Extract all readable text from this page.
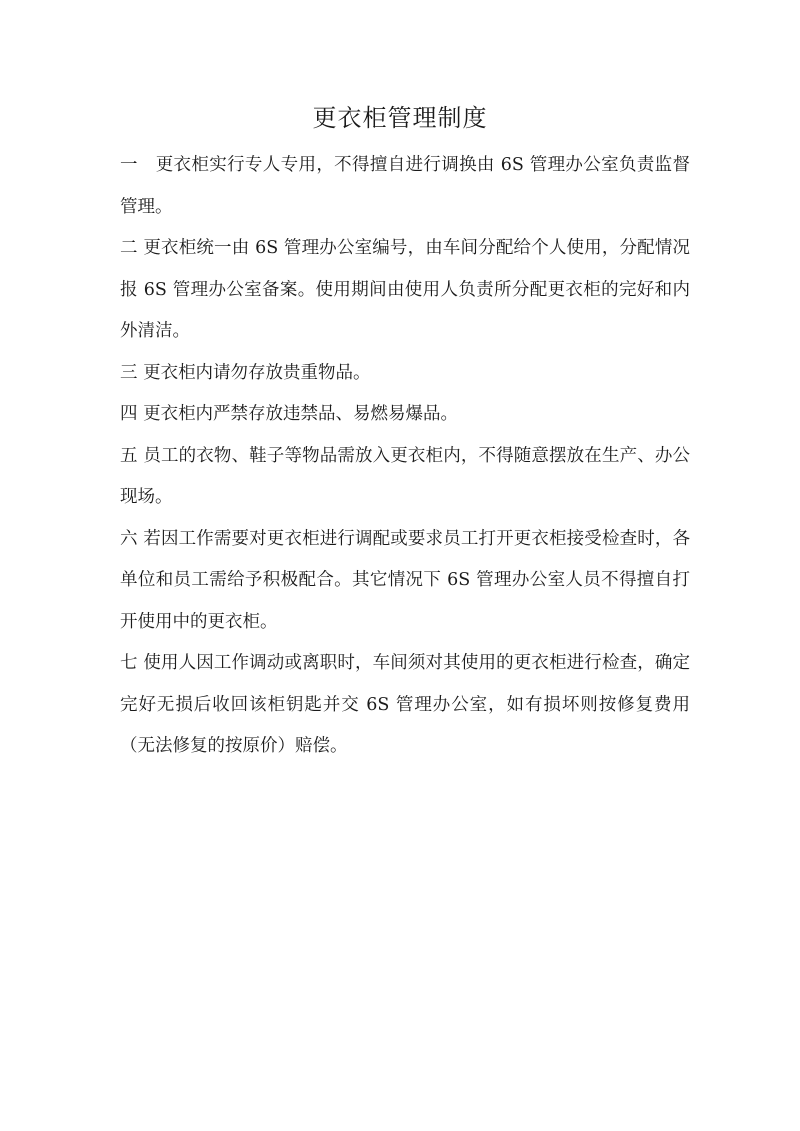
更衣柜管理制度

一　更衣柜实行专人专用，不得擅自进行调换由 6S 管理办公室负责监督管理。

二 更衣柜统一由 6S 管理办公室编号，由车间分配给个人使用，分配情况报 6S 管理办公室备案。使用期间由使用人负责所分配更衣柜的完好和内外清洁。

三 更衣柜内请勿存放贵重物品。

四 更衣柜内严禁存放违禁品、易燃易爆品。

五 员工的衣物、鞋子等物品需放入更衣柜内，不得随意摆放在生产、办公现场。

六 若因工作需要对更衣柜进行调配或要求员工打开更衣柜接受检查时，各单位和员工需给予积极配合。其它情况下 6S 管理办公室人员不得擅自打开使用中的更衣柜。

七 使用人因工作调动或离职时，车间须对其使用的更衣柜进行检查，确定完好无损后收回该柜钥匙并交 6S 管理办公室，如有损坏则按修复费用（无法修复的按原价）赔偿。
